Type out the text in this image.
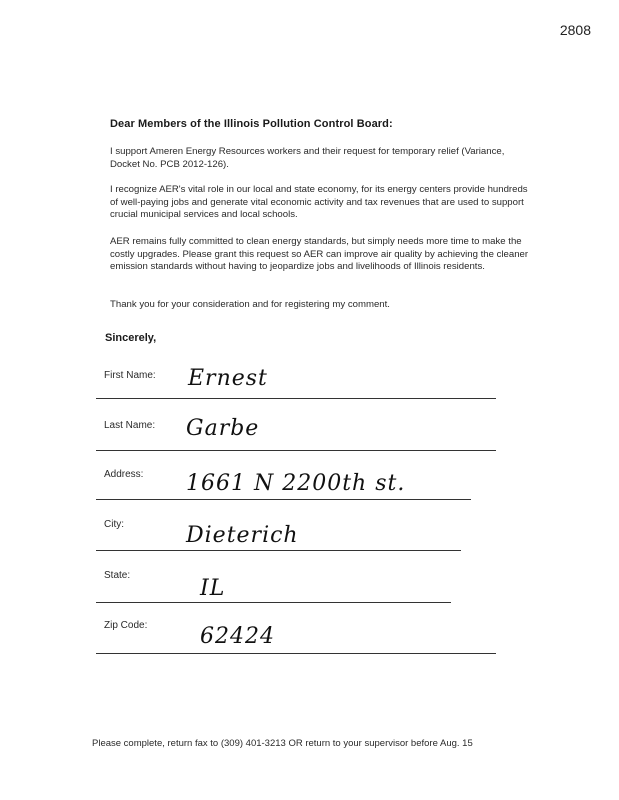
2808
Dear Members of the Illinois Pollution Control Board:
I support Ameren Energy Resources workers and their request for temporary relief (Variance, Docket No. PCB 2012-126).
I recognize AER's vital role in our local and state economy, for its energy centers provide hundreds of well-paying jobs and generate vital economic activity and tax revenues that are used to support crucial municipal services and local schools.
AER remains fully committed to clean energy standards, but simply needs more time to make the costly upgrades. Please grant this request so AER can improve air quality by achieving the cleaner emission standards without having to jeopardize jobs and livelihoods of Illinois residents.
Thank you for your consideration and for registering my comment.
Sincerely,
First Name: Ernest
Last Name: Garbe
Address: 1661 N 2200th st.
City:	Dieterich
State:
IL
Zip Code: 62424
Please complete, return fax to (309) 401-3213 OR return to your supervisor before Aug. 15
